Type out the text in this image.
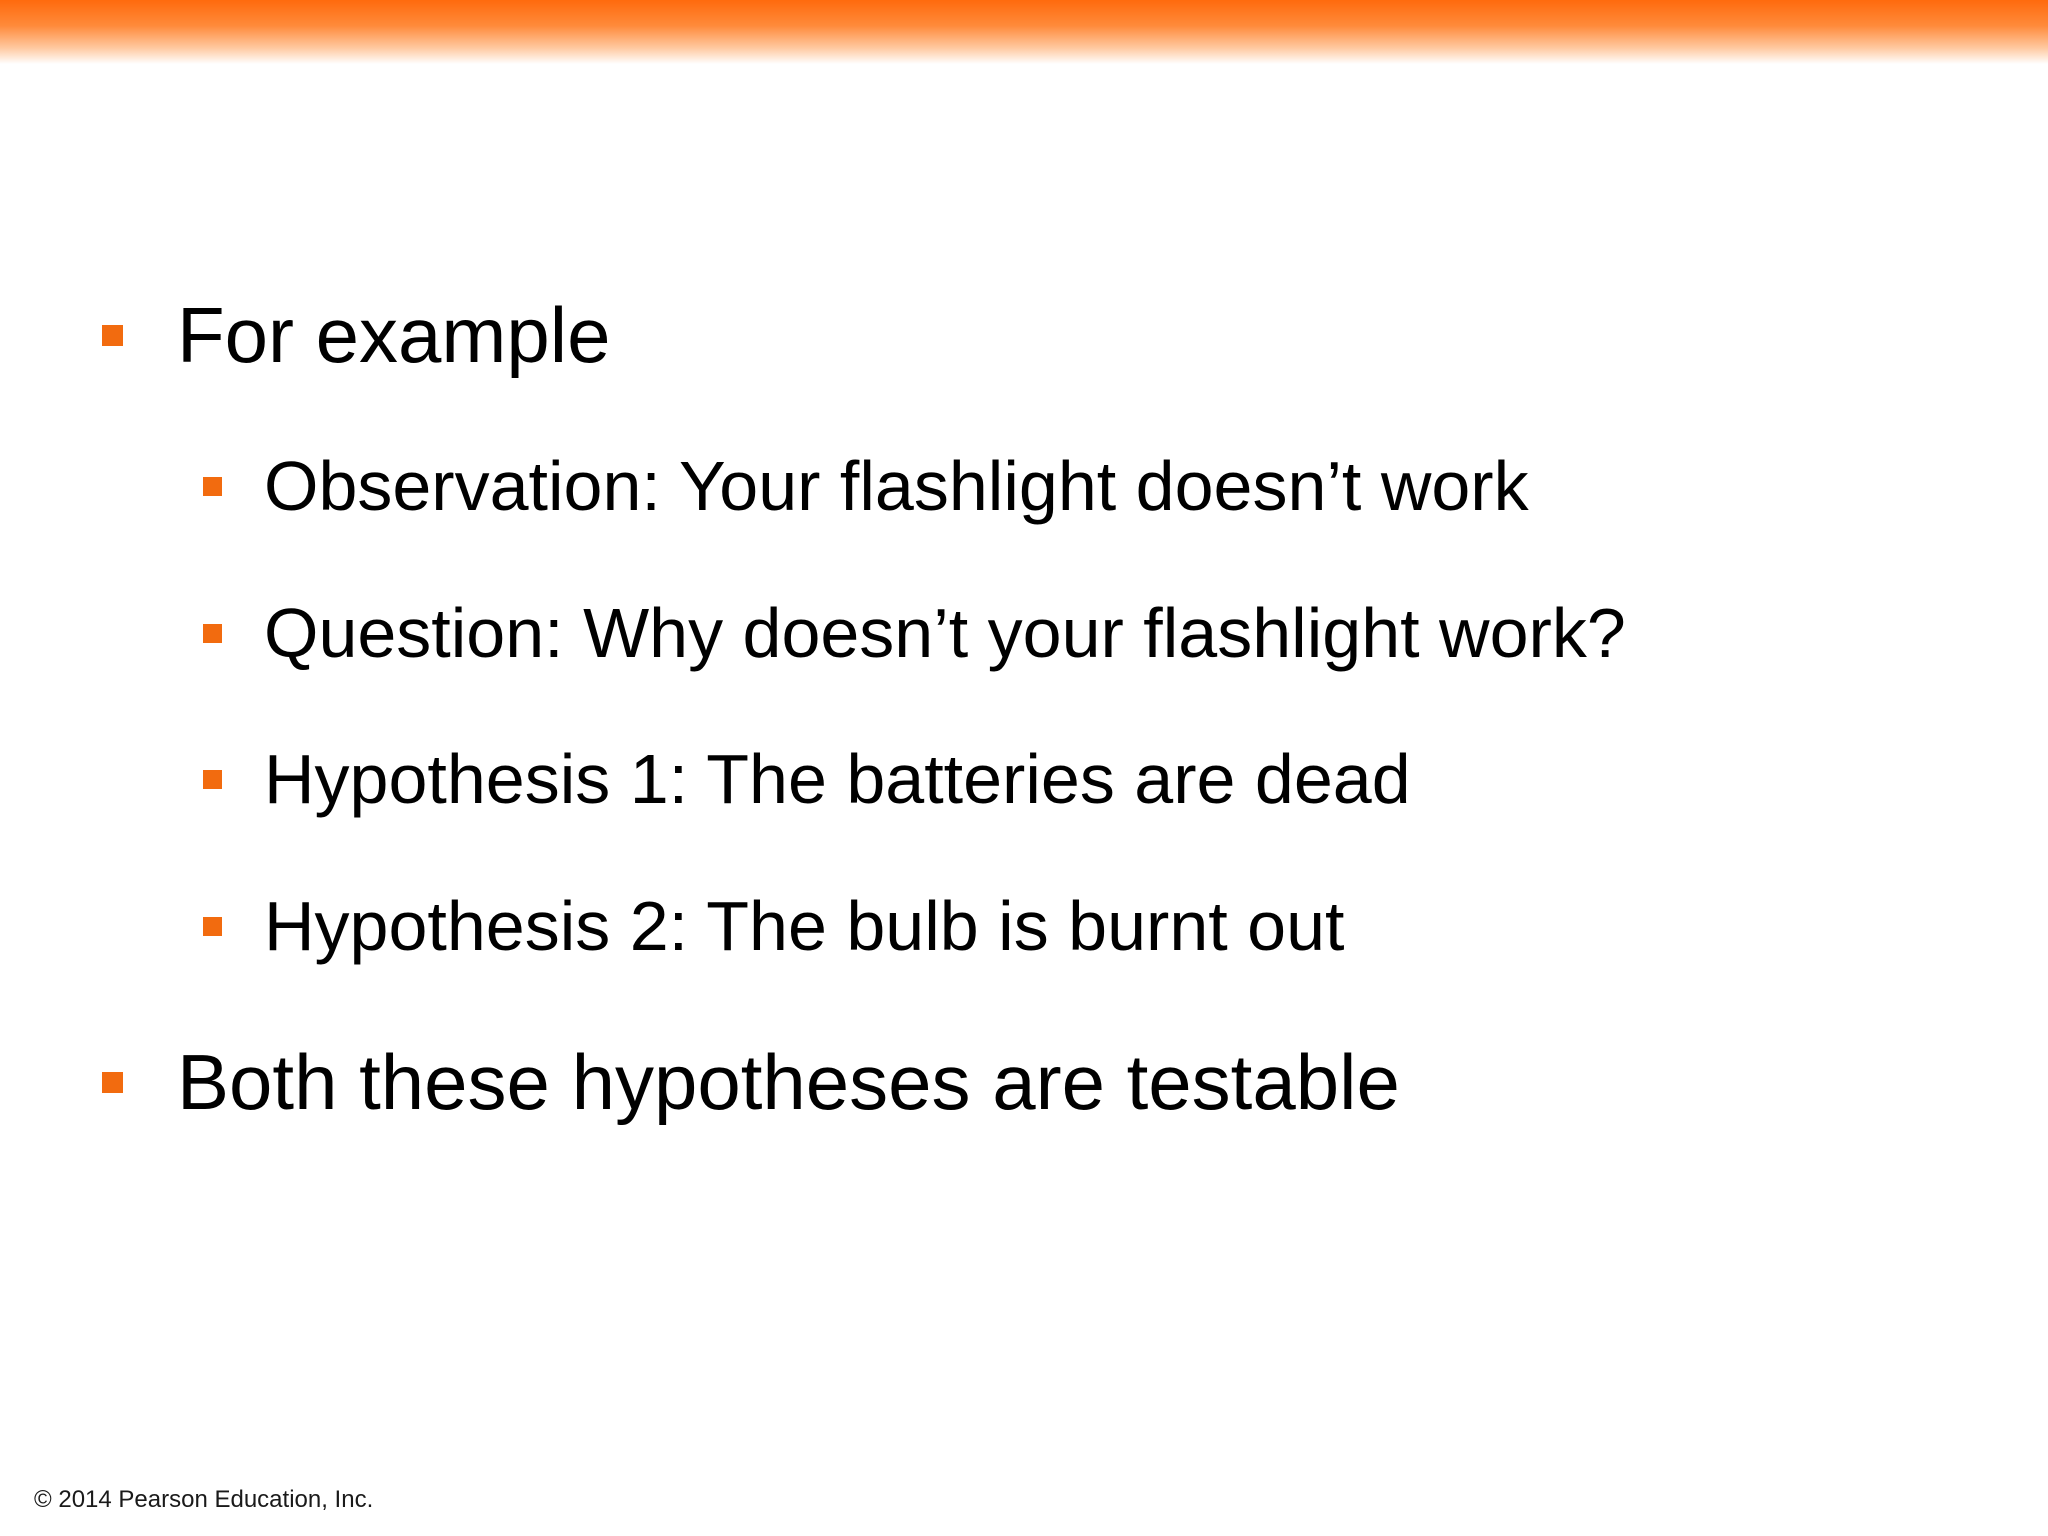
For example
Observation: Your flashlight doesn’t work
Question: Why doesn’t your flashlight work?
Hypothesis 1: The batteries are dead
Hypothesis 2: The bulb is burnt out
Both these hypotheses are testable
© 2014 Pearson Education, Inc.
